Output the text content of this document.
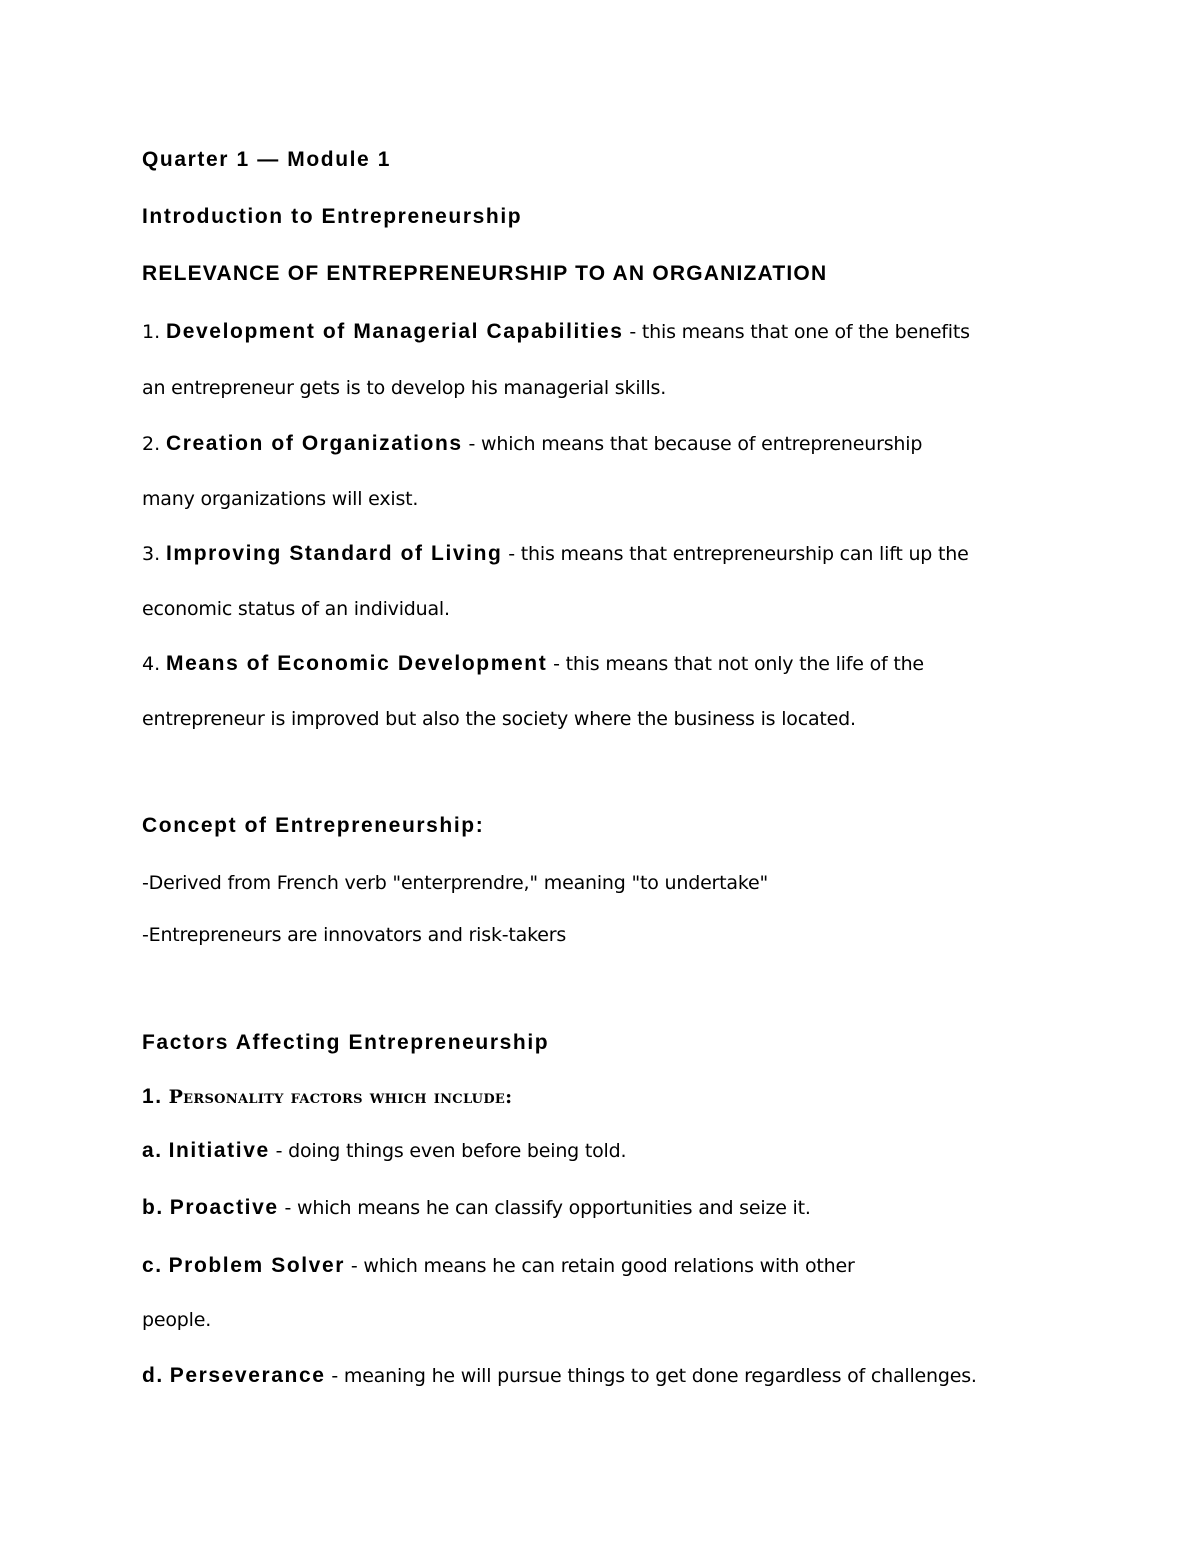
Quarter 1 — Module 1
Introduction to Entrepreneurship
RELEVANCE OF ENTREPRENEURSHIP TO AN ORGANIZATION
1. Development of Managerial Capabilities - this means that one of the benefits
an entrepreneur gets is to develop his managerial skills.
2. Creation of Organizations - which means that because of entrepreneurship
many organizations will exist.
3. Improving Standard of Living - this means that entrepreneurship can lift up the
economic status of an individual.
4. Means of Economic Development - this means that not only the life of the
entrepreneur is improved but also the society where the business is located.
Concept of Entrepreneurship:
-Derived from French verb "enterprendre," meaning "to undertake"
-Entrepreneurs are innovators and risk-takers
Factors Affecting Entrepreneurship
1. Personality factors which include:
a. Initiative - doing things even before being told.
b. Proactive - which means he can classify opportunities and seize it.
c. Problem Solver - which means he can retain good relations with other
people.
d. Perseverance - meaning he will pursue things to get done regardless of challenges.
